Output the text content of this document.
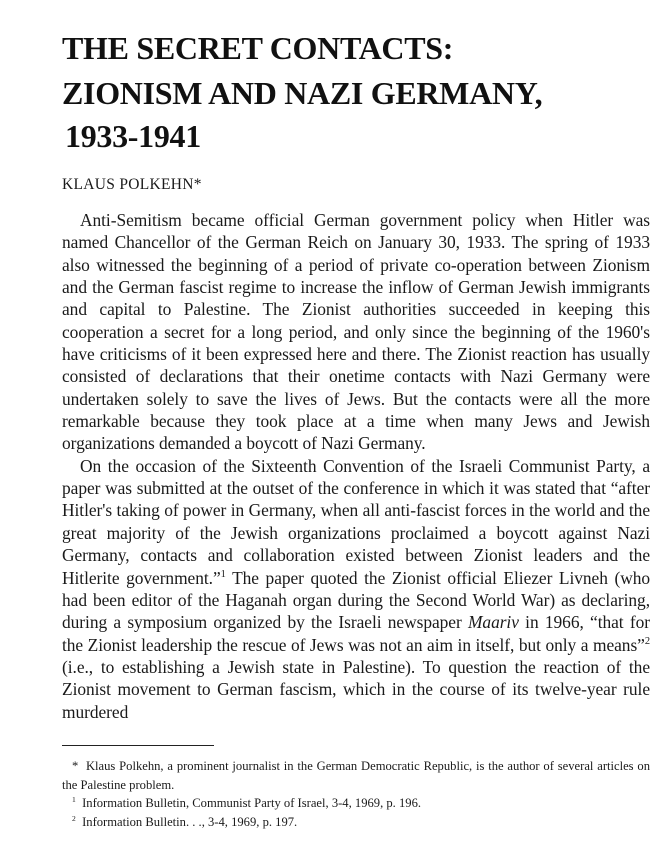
THE SECRET CONTACTS:
ZIONISM AND NAZI GERMANY,
1933-1941
KLAUS POLKEHN*

Anti-Semitism became official German government policy when Hitler was named Chancellor of the German Reich on January 30, 1933. The spring of 1933 also witnessed the beginning of a period of private co-operation between Zionism and the German fascist regime to increase the inflow of German Jewish immigrants and capital to Palestine. The Zionist authorities succeeded in keeping this cooperation a secret for a long period, and only since the beginning of the 1960's have criticisms of it been expressed here and there. The Zionist reaction has usually consisted of declarations that their onetime contacts with Nazi Germany were undertaken solely to save the lives of Jews. But the contacts were all the more remarkable because they took place at a time when many Jews and Jewish organizations demanded a boycott of Nazi Germany.

On the occasion of the Sixteenth Convention of the Israeli Communist Party, a paper was submitted at the outset of the conference in which it was stated that “after Hitler's taking of power in Germany, when all anti-fascist forces in the world and the great majority of the Jewish organizations proclaimed a boycott against Nazi Germany, contacts and collaboration existed between Zionist leaders and the Hitlerite government.”$^1$ The paper quoted the Zionist official Eliezer Livneh (who had been editor of the Haganah organ during the Second World War) as declaring, during a symposium organized by the Israeli newspaper Maariv in 1966, “that for the Zionist leadership the rescue of Jews was not an aim in itself, but only a means”$^2$ (i.e., to establishing a Jewish state in Palestine). To question the reaction of the Zionist movement to German fascism, which in the course of its twelve-year rule murdered

* Klaus Polkehn, a prominent journalist in the German Democratic Republic, is the author of several articles on the Palestine problem.

$^1$ Information Bulletin, Communist Party of Israel, 3-4, 1969, p. 196.

$^2$ Information Bulletin. . ., 3-4, 1969, p. 197.
